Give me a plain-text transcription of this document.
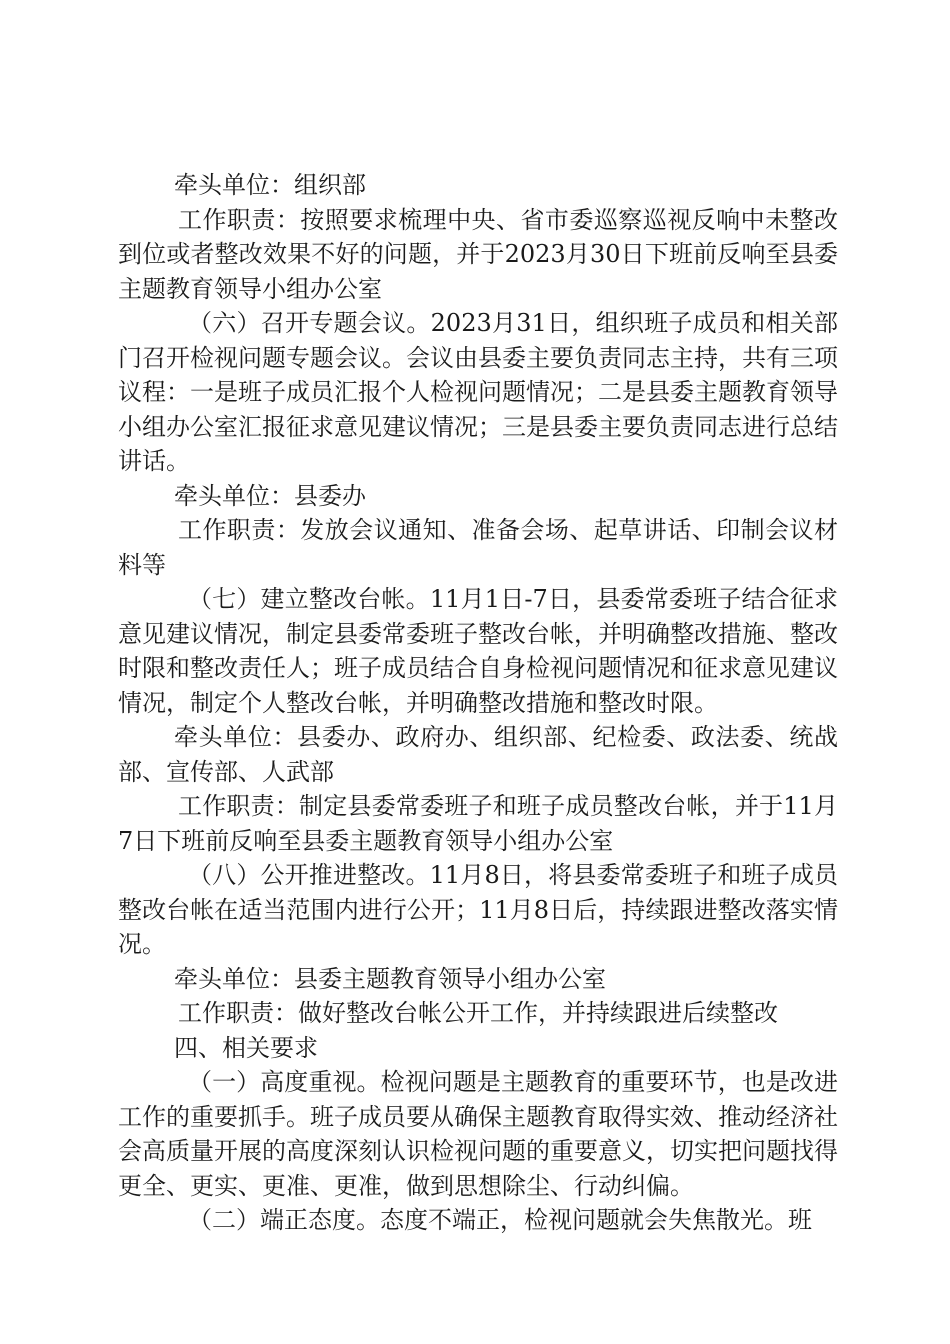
牵头单位：组织部

工作职责：按照要求梳理中央、省市委巡察巡视反响中未整改到位或者整改效果不好的问题，并于2023月30日下班前反响至县委主题教育领导小组办公室

（六）召开专题会议。2023月31日，组织班子成员和相关部门召开检视问题专题会议。会议由县委主要负责同志主持，共有三项议程：一是班子成员汇报个人检视问题情况；二是县委主题教育领导小组办公室汇报征求意见建议情况；三是县委主要负责同志进行总结讲话。

牵头单位：县委办

工作职责：发放会议通知、准备会场、起草讲话、印制会议材料等

（七）建立整改台帐。11月1日-7日，县委常委班子结合征求意见建议情况，制定县委常委班子整改台帐，并明确整改措施、整改时限和整改责任人；班子成员结合自身检视问题情况和征求意见建议情况，制定个人整改台帐，并明确整改措施和整改时限。

牵头单位：县委办、政府办、组织部、纪检委、政法委、统战部、宣传部、人武部

工作职责：制定县委常委班子和班子成员整改台帐，并于11月7日下班前反响至县委主题教育领导小组办公室

（八）公开推进整改。11月8日，将县委常委班子和班子成员整改台帐在适当范围内进行公开；11月8日后，持续跟进整改落实情况。

牵头单位：县委主题教育领导小组办公室

工作职责：做好整改台帐公开工作，并持续跟进后续整改

四、相关要求

（一）高度重视。检视问题是主题教育的重要环节，也是改进工作的重要抓手。班子成员要从确保主题教育取得实效、推动经济社会高质量开展的高度深刻认识检视问题的重要意义，切实把问题找得更全、更实、更准、更准，做到思想除尘、行动纠偏。

（二）端正态度。态度不端正，检视问题就会失焦散光。班
